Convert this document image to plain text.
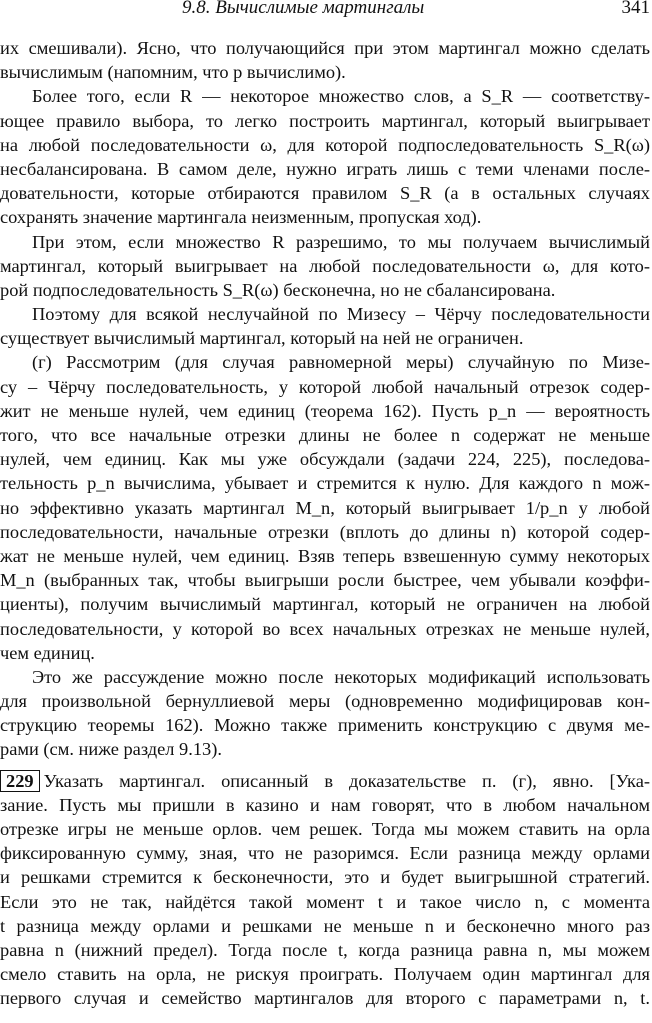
9.8. Вычислимые мартингалы	341
их смешивали). Ясно, что получающийся при этом мартингал можно сделать
вычислимым (напомним, что p вычислимо).
Более того, если R — некоторое множество слов, а S_R — соответству-
ющее правило выбора, то легко построить мартингал, который выигрывает
на любой последовательности ω, для которой подпоследовательность S_R(ω)
несбалансирована. В самом деле, нужно играть лишь с теми членами после-
довательности, которые отбираются правилом S_R (а в остальных случаях
сохранять значение мартингала неизменным, пропуская ход).
При этом, если множество R разрешимо, то мы получаем вычислимый
мартингал, который выигрывает на любой последовательности ω, для кото-
рой подпоследовательность S_R(ω) бесконечна, но не сбалансирована.
Поэтому для всякой неслучайной по Мизесу – Чёрчу последовательности
существует вычислимый мартингал, который на ней не ограничен.
(г) Рассмотрим (для случая равномерной меры) случайную по Мизе-
су – Чёрчу последовательность, у которой любой начальный отрезок содер-
жит не меньше нулей, чем единиц (теорема 162). Пусть p_n — вероятность
того, что все начальные отрезки длины не более n содержат не меньше
нулей, чем единиц. Как мы уже обсуждали (задачи 224, 225), последова-
тельность p_n вычислима, убывает и стремится к нулю. Для каждого n мож-
но эффективно указать мартингал M_n, который выигрывает 1/p_n у любой
последовательности, начальные отрезки (вплоть до длины n) которой содер-
жат не меньше нулей, чем единиц. Взяв теперь взвешенную сумму некоторых
M_n (выбранных так, чтобы выигрыши росли быстрее, чем убывали коэффи-
циенты), получим вычислимый мартингал, который не ограничен на любой
последовательности, у которой во всех начальных отрезках не меньше нулей,
чем единиц.
Это же рассуждение можно после некоторых модификаций использовать
для произвольной бернуллиевой меры (одновременно модифицировав кон-
струкцию теоремы 162). Можно также применить конструкцию с двумя ме-
рами (см. ниже раздел 9.13).
229 Указать мартингал. описанный в доказательстве п. (г), явно. [Ука-
зание. Пусть мы пришли в казино и нам говорят, что в любом начальном
отрезке игры не меньше орлов. чем решек. Тогда мы можем ставить на орла
фиксированную сумму, зная, что не разоримся. Если разница между орлами
и решками стремится к бесконечности, это и будет выигрышной стратегий.
Если это не так, найдётся такой момент t и такое число n, с момента
t разница между орлами и решками не меньше n и бесконечно много раз
равна n (нижний предел). Тогда после t, когда разница равна n, мы можем
смело ставить на орла, не рискуя проиграть. Получаем один мартингал для
первого случая и семейство мартингалов для второго с параметрами n, t.
